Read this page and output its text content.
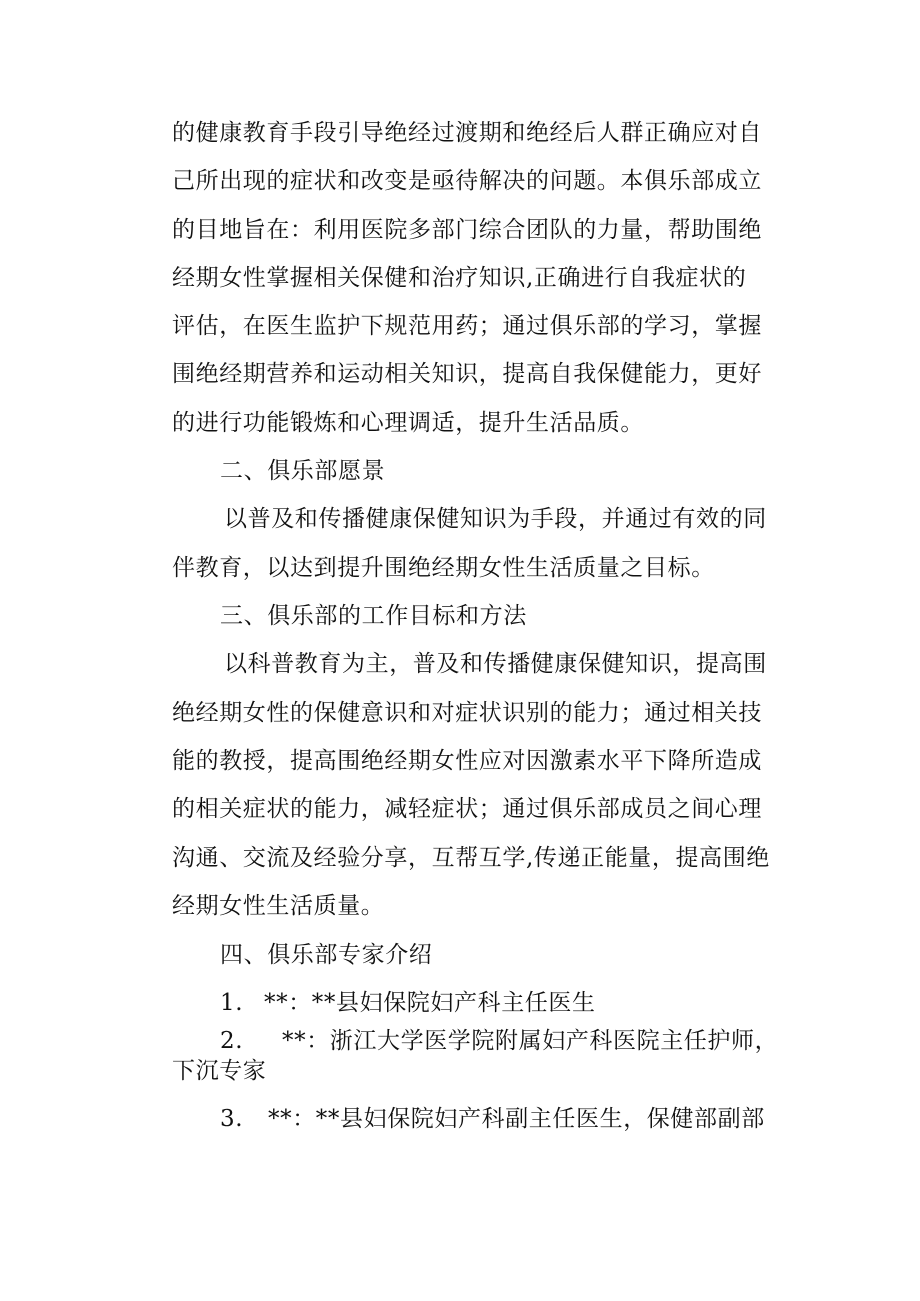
的健康教育手段引导绝经过渡期和绝经后人群正确应对自
己所出现的症状和改变是亟待解决的问题。本俱乐部成立
的目地旨在：利用医院多部门综合团队的力量，帮助围绝
经期女性掌握相关保健和治疗知识,正确进行自我症状的
评估，在医生监护下规范用药；通过俱乐部的学习，掌握
围绝经期营养和运动相关知识，提高自我保健能力，更好
的进行功能锻炼和心理调适，提升生活品质。
二、俱乐部愿景
以普及和传播健康保健知识为手段，并通过有效的同
伴教育，以达到提升围绝经期女性生活质量之目标。
三、俱乐部的工作目标和方法
以科普教育为主，普及和传播健康保健知识，提高围
绝经期女性的保健意识和对症状识别的能力；通过相关技
能的教授，提高围绝经期女性应对因激素水平下降所造成
的相关症状的能力，减轻症状；通过俱乐部成员之间心理
沟通、交流及经验分享，互帮互学,传递正能量，提高围绝
经期女性生活质量。
四、俱乐部专家介绍
1. **：**县妇保院妇产科主任医生
2. **：浙江大学医学院附属妇产科医院主任护师，
下沉专家
3. **：**县妇保院妇产科副主任医生，保健部副部
